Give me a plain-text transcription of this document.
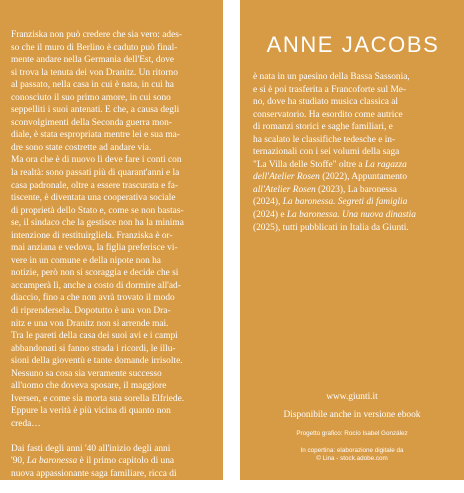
Franziska non può credere che sia vero: ades-
so che il muro di Berlino è caduto può final-
mente andare nella Germania dell'Est, dove
si trova la tenuta dei von Dranitz. Un ritorno
al passato, nella casa in cui è nata, in cui ha
conosciuto il suo primo amore, in cui sono
seppelliti i suoi antenati. E che, a causa degli
sconvolgimenti della Seconda guerra mon-
diale, è stata espropriata mentre lei e sua ma-
dre sono state costrette ad andare via.
Ma ora che è di nuovo lì deve fare i conti con
la realtà: sono passati più di quarant'anni e la
casa padronale, oltre a essere trascurata e fa-
tiscente, è diventata una cooperativa sociale
di proprietà dello Stato e, come se non bastas-
se, il sindaco che la gestisce non ha la minima
intenzione di restituirgliela. Franziska è or-
mai anziana e vedova, la figlia preferisce vi-
vere in un comune e della nipote non ha
notizie, però non si scoraggia e decide che si
accamperà lì, anche a costo di dormire all'ad-
diaccio, fino a che non avrà trovato il modo
di riprendersela. Dopotutto è una von Dra-
nitz e una von Dranitz non si arrende mai.
Tra le pareti della casa dei suoi avi e i campi
abbandonati si fanno strada i ricordi, le illu-
sioni della gioventù e tante domande irrisolte.
Nessuno sa cosa sia veramente successo
all'uomo che doveva sposare, il maggiore
Iversen, e come sia morta sua sorella Elfriede.
Eppure la verità è più vicina di quanto non
creda…
Dai fasti degli anni '40 all'inizio degli anni
'90, La baronessa è il primo capitolo di una
nuova appassionante saga familiare, ricca di
emozioni e colpi di scena.
ANNE JACOBS
è nata in un paesino della Bassa Sassonia,
e si è poi trasferita a Francoforte sul Me-
no, dove ha studiato musica classica al
conservatorio. Ha esordito come autrice
di romanzi storici e saghe familiari, e
ha scalato le classifiche tedesche e in-
ternazionali con i sei volumi della saga
"La Villa delle Stoffe" oltre a La ragazza
dell'Atelier Rosen (2022), Appuntamento
all'Atelier Rosen (2023), La baronessa
(2024), La baronessa. Segreti di famiglia
(2024) e La baronessa. Una nuova dinastia
(2025), tutti pubblicati in Italia da Giunti.
www.giunti.it
Disponibile anche in versione ebook
Progetto grafico: Rocío Isabel González
In copertina: elaborazione digitale da
© Lina - stock.adobe.com
